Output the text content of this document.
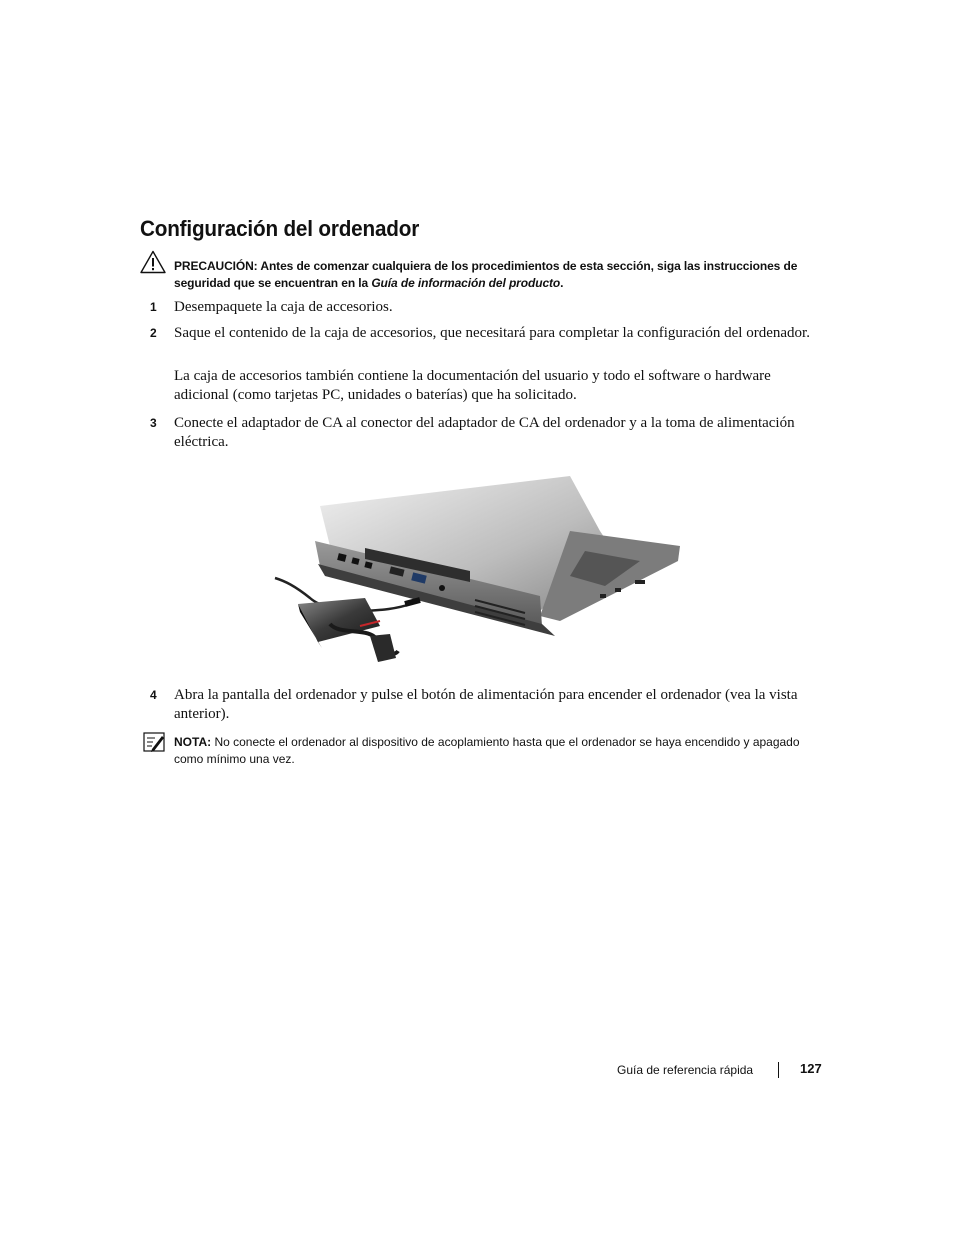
Configuración del ordenador
PRECAUCIÓN: Antes de comenzar cualquiera de los procedimientos de esta sección, siga las instrucciones de seguridad que se encuentran en la Guía de información del producto.
1 Desempaquete la caja de accesorios.
2 Saque el contenido de la caja de accesorios, que necesitará para completar la configuración del ordenador.
La caja de accesorios también contiene la documentación del usuario y todo el software o hardware adicional (como tarjetas PC, unidades o baterías) que ha solicitado.
3 Conecte el adaptador de CA al conector del adaptador de CA del ordenador y a la toma de alimentación eléctrica.
4 Abra la pantalla del ordenador y pulse el botón de alimentación para encender el ordenador (vea la vista anterior).
NOTA: No conecte el ordenador al dispositivo de acoplamiento hasta que el ordenador se haya encendido y apagado como mínimo una vez.
Guía de referencia rápida	127
